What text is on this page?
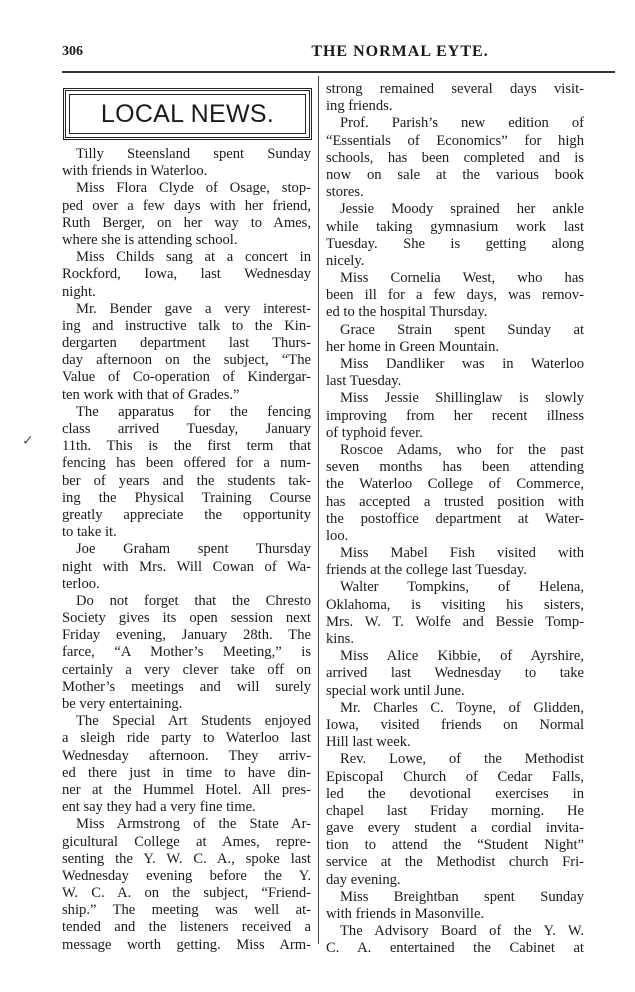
306	THE NORMAL EYTE.
LOCAL NEWS.
✓
Tilly Steensland spent Sunday
with friends in Waterloo.
Miss Flora Clyde of Osage, stop-
ped over a few days with her friend,
Ruth Berger, on her way to Ames,
where she is attending school.
Miss Childs sang at a concert in
Rockford, Iowa, last Wednesday
night.
Mr. Bender gave a very interest-
ing and instructive talk to the Kin-
dergarten department last Thurs-
day afternoon on the subject, “The
Value of Co-operation of Kindergar-
ten work with that of Grades.”
The apparatus for the fencing
class arrived Tuesday, January
11th. This is the first term that
fencing has been offered for a num-
ber of years and the students tak-
ing the Physical Training Course
greatly appreciate the opportunity
to take it.
Joe Graham spent Thursday
night with Mrs. Will Cowan of Wa-
terloo.
Do not forget that the Chresto
Society gives its open session next
Friday evening, January 28th. The
farce, “A Mother’s Meeting,” is
certainly a very clever take off on
Mother’s meetings and will surely
be very entertaining.
The Special Art Students enjoyed
a sleigh ride party to Waterloo last
Wednesday afternoon. They arriv-
ed there just in time to have din-
ner at the Hummel Hotel. All pres-
ent say they had a very fine time.
Miss Armstrong of the State Ar-
gicultural College at Ames, repre-
senting the Y. W. C. A., spoke last
Wednesday evening before the Y.
W. C. A. on the subject, “Friend-
ship.” The meeting was well at-
tended and the listeners received a
message worth getting. Miss Arm-
strong remained several days visit-
ing friends.
Prof. Parish’s new edition of
“Essentials of Economics” for high
schools, has been completed and is
now on sale at the various book
stores.
Jessie Moody sprained her ankle
while taking gymnasium work last
Tuesday. She is getting along
nicely.
Miss Cornelia West, who has
been ill for a few days, was remov-
ed to the hospital Thursday.
Grace Strain spent Sunday at
her home in Green Mountain.
Miss Dandliker was in Waterloo
last Tuesday.
Miss Jessie Shillinglaw is slowly
improving from her recent illness
of typhoid fever.
Roscoe Adams, who for the past
seven months has been attending
the Waterloo College of Commerce,
has accepted a trusted position with
the postoffice department at Water-
loo.
Miss Mabel Fish visited with
friends at the college last Tuesday.
Walter Tompkins, of Helena,
Oklahoma, is visiting his sisters,
Mrs. W. T. Wolfe and Bessie Tomp-
kins.
Miss Alice Kibbie, of Ayrshire,
arrived last Wednesday to take
special work until June.
Mr. Charles C. Toyne, of Glidden,
Iowa, visited friends on Normal
Hill last week.
Rev. Lowe, of the Methodist
Episcopal Church of Cedar Falls,
led the devotional exercises in
chapel last Friday morning. He
gave every student a cordial invita-
tion to attend the “Student Night”
service at the Methodist church Fri-
day evening.
Miss Breightban spent Sunday
with friends in Masonville.
The Advisory Board of the Y. W.
C. A. entertained the Cabinet at
